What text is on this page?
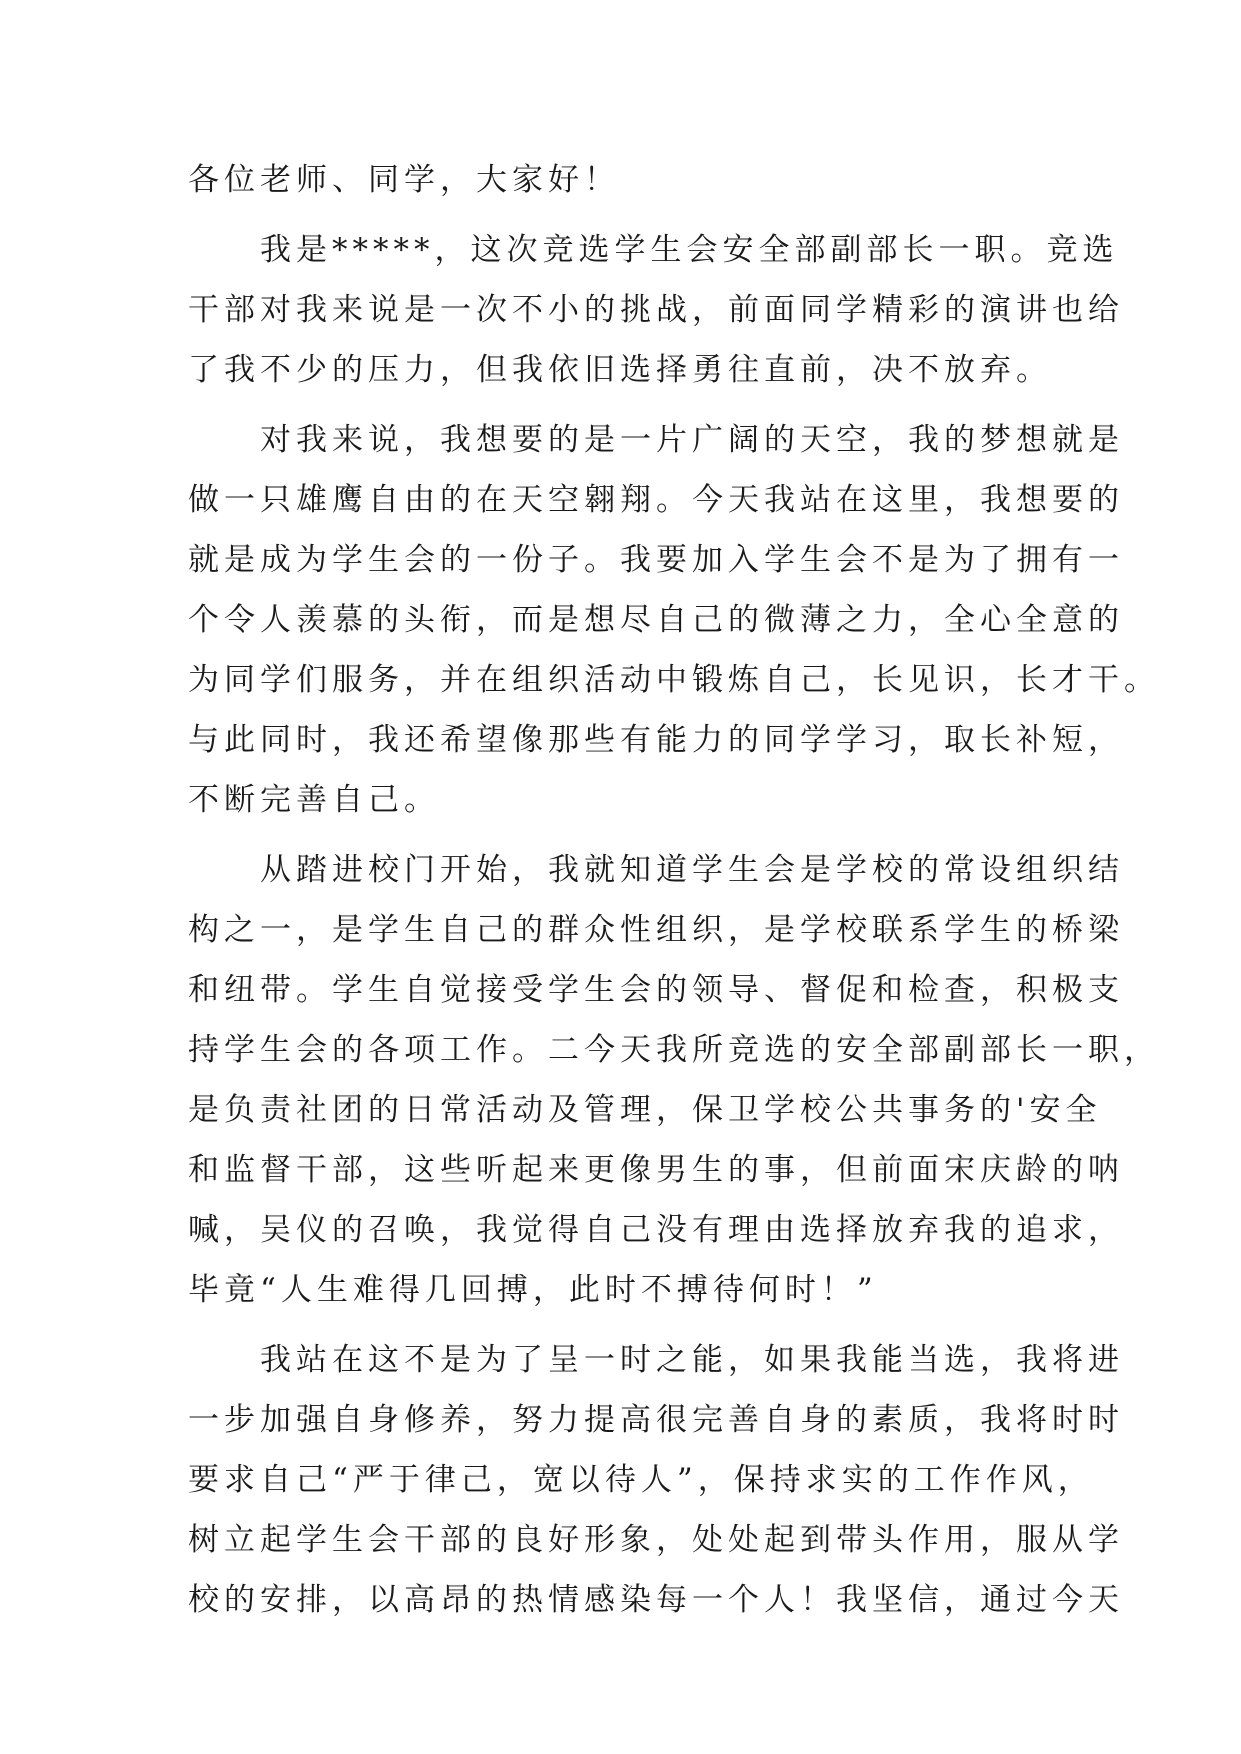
各位老师、同学，大家好！
我是*****，这次竞选学生会安全部副部长一职。竞选
干部对我来说是一次不小的挑战，前面同学精彩的演讲也给
了我不少的压力，但我依旧选择勇往直前，决不放弃。
对我来说，我想要的是一片广阔的天空，我的梦想就是
做一只雄鹰自由的在天空翱翔。今天我站在这里，我想要的
就是成为学生会的一份子。我要加入学生会不是为了拥有一
个令人羡慕的头衔，而是想尽自己的微薄之力，全心全意的
为同学们服务，并在组织活动中锻炼自己，长见识，长才干。
与此同时，我还希望像那些有能力的同学学习，取长补短，
不断完善自己。
从踏进校门开始，我就知道学生会是学校的常设组织结
构之一，是学生自己的群众性组织，是学校联系学生的桥梁
和纽带。学生自觉接受学生会的领导、督促和检查，积极支
持学生会的各项工作。二今天我所竞选的安全部副部长一职，
是负责社团的日常活动及管理，保卫学校公共事务的'安全
和监督干部，这些听起来更像男生的事，但前面宋庆龄的呐
喊，吴仪的召唤，我觉得自己没有理由选择放弃我的追求，
毕竟“人生难得几回搏，此时不搏待何时！”
我站在这不是为了呈一时之能，如果我能当选，我将进
一步加强自身修养，努力提高很完善自身的素质，我将时时
要求自己“严于律己，宽以待人”，保持求实的工作作风，
树立起学生会干部的良好形象，处处起到带头作用，服从学
校的安排，以高昂的热情感染每一个人！我坚信，通过今天
